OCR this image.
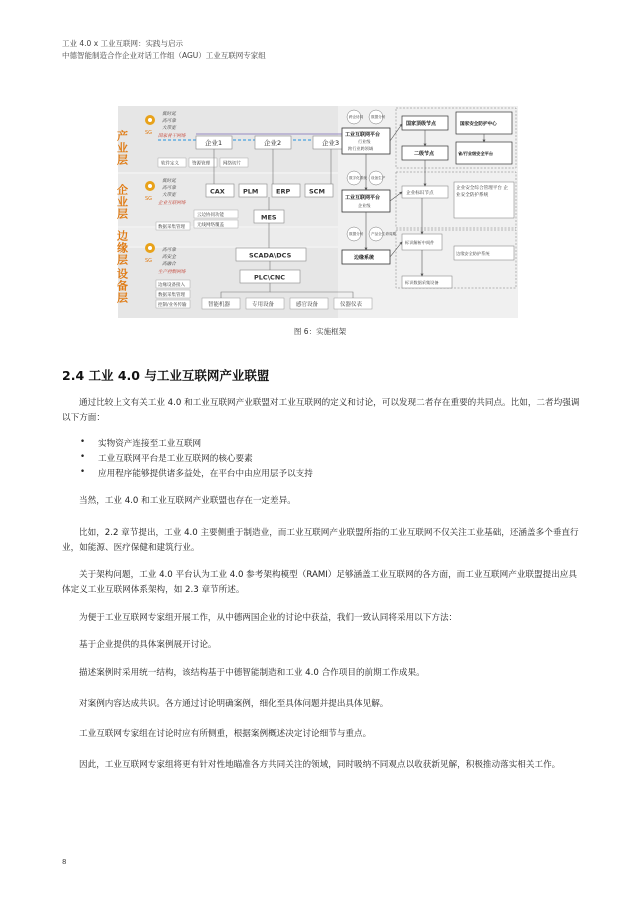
工业 4.0 x 工业互联网：实践与启示
中德智能制造合作企业对话工作组（AGU）工业互联网专家组
产业层
企业层
边缘层
设备层
SG
SG
SG
低时延
高可靠
大带宽
国家骨干网络
低时延
高可靠
大带宽
企业互联网络
高可靠
高安全
高融合
生产控制网络
企业1	企业2	企业3
软件定义	资源管理	网络切片
CAX	PLM	ERP	SCM
云边协同功能
无线网络覆盖
数据采集管理
MES
SCADA\DCS
PLC\CNC
边缘设备接入
数据采集管理
控制/业务传输	智能机器	专用设备	感官设备	仪器仪表
跨企协同 数据分析
数字化系统 设备生产
数据分析 产品全生命周期
工业互联网平台
行业级
跨行业跨领域
工业互联网平台
企业级
边缘系统
国家顶级节点	国家安全防护中心
二级节点	省/行业级安全平台
企业标识节点
企业安全综合管理平台 企业安全防护系统
标识解析中间件
边缘安全防护系统
标识数据采集设备
图 6：实施框架
2.4 工业 4.0 与工业互联网产业联盟
通过比较上文有关工业 4.0 和工业互联网产业联盟对工业互联网的定义和讨论，可以发现二者存在重要的共同点。比如，二者均强调以下方面：
• 实物资产连接至工业互联网
• 工业互联网平台是工业互联网的核心要素
• 应用程序能够提供诸多益处，在平台中由应用层予以支持
当然，工业 4.0 和工业互联网产业联盟也存在一定差异。
比如，2.2 章节提出，工业 4.0 主要侧重于制造业，而工业互联网产业联盟所指的工业互联网不仅关注工业基础，还涵盖多个垂直行业，如能源、医疗保健和建筑行业。
关于架构问题，工业 4.0 平台认为工业 4.0 参考架构模型（RAMI）足够涵盖工业互联网的各方面，而工业互联网产业联盟提出应具体定义工业互联网体系架构，如 2.3 章节所述。
为便于工业互联网专家组开展工作，从中德两国企业的讨论中获益，我们一致认同将采用以下方法：
基于企业提供的具体案例展开讨论。
描述案例时采用统一结构，该结构基于中德智能制造和工业 4.0 合作项目的前期工作成果。
对案例内容达成共识。各方通过讨论明确案例，细化至具体问题并提出具体见解。
工业互联网专家组在讨论时应有所侧重，根据案例概述决定讨论细节与重点。
因此，工业互联网专家组将更有针对性地瞄准各方共同关注的领域，同时吸纳不同观点以收获新见解，积极推动落实相关工作。
8
